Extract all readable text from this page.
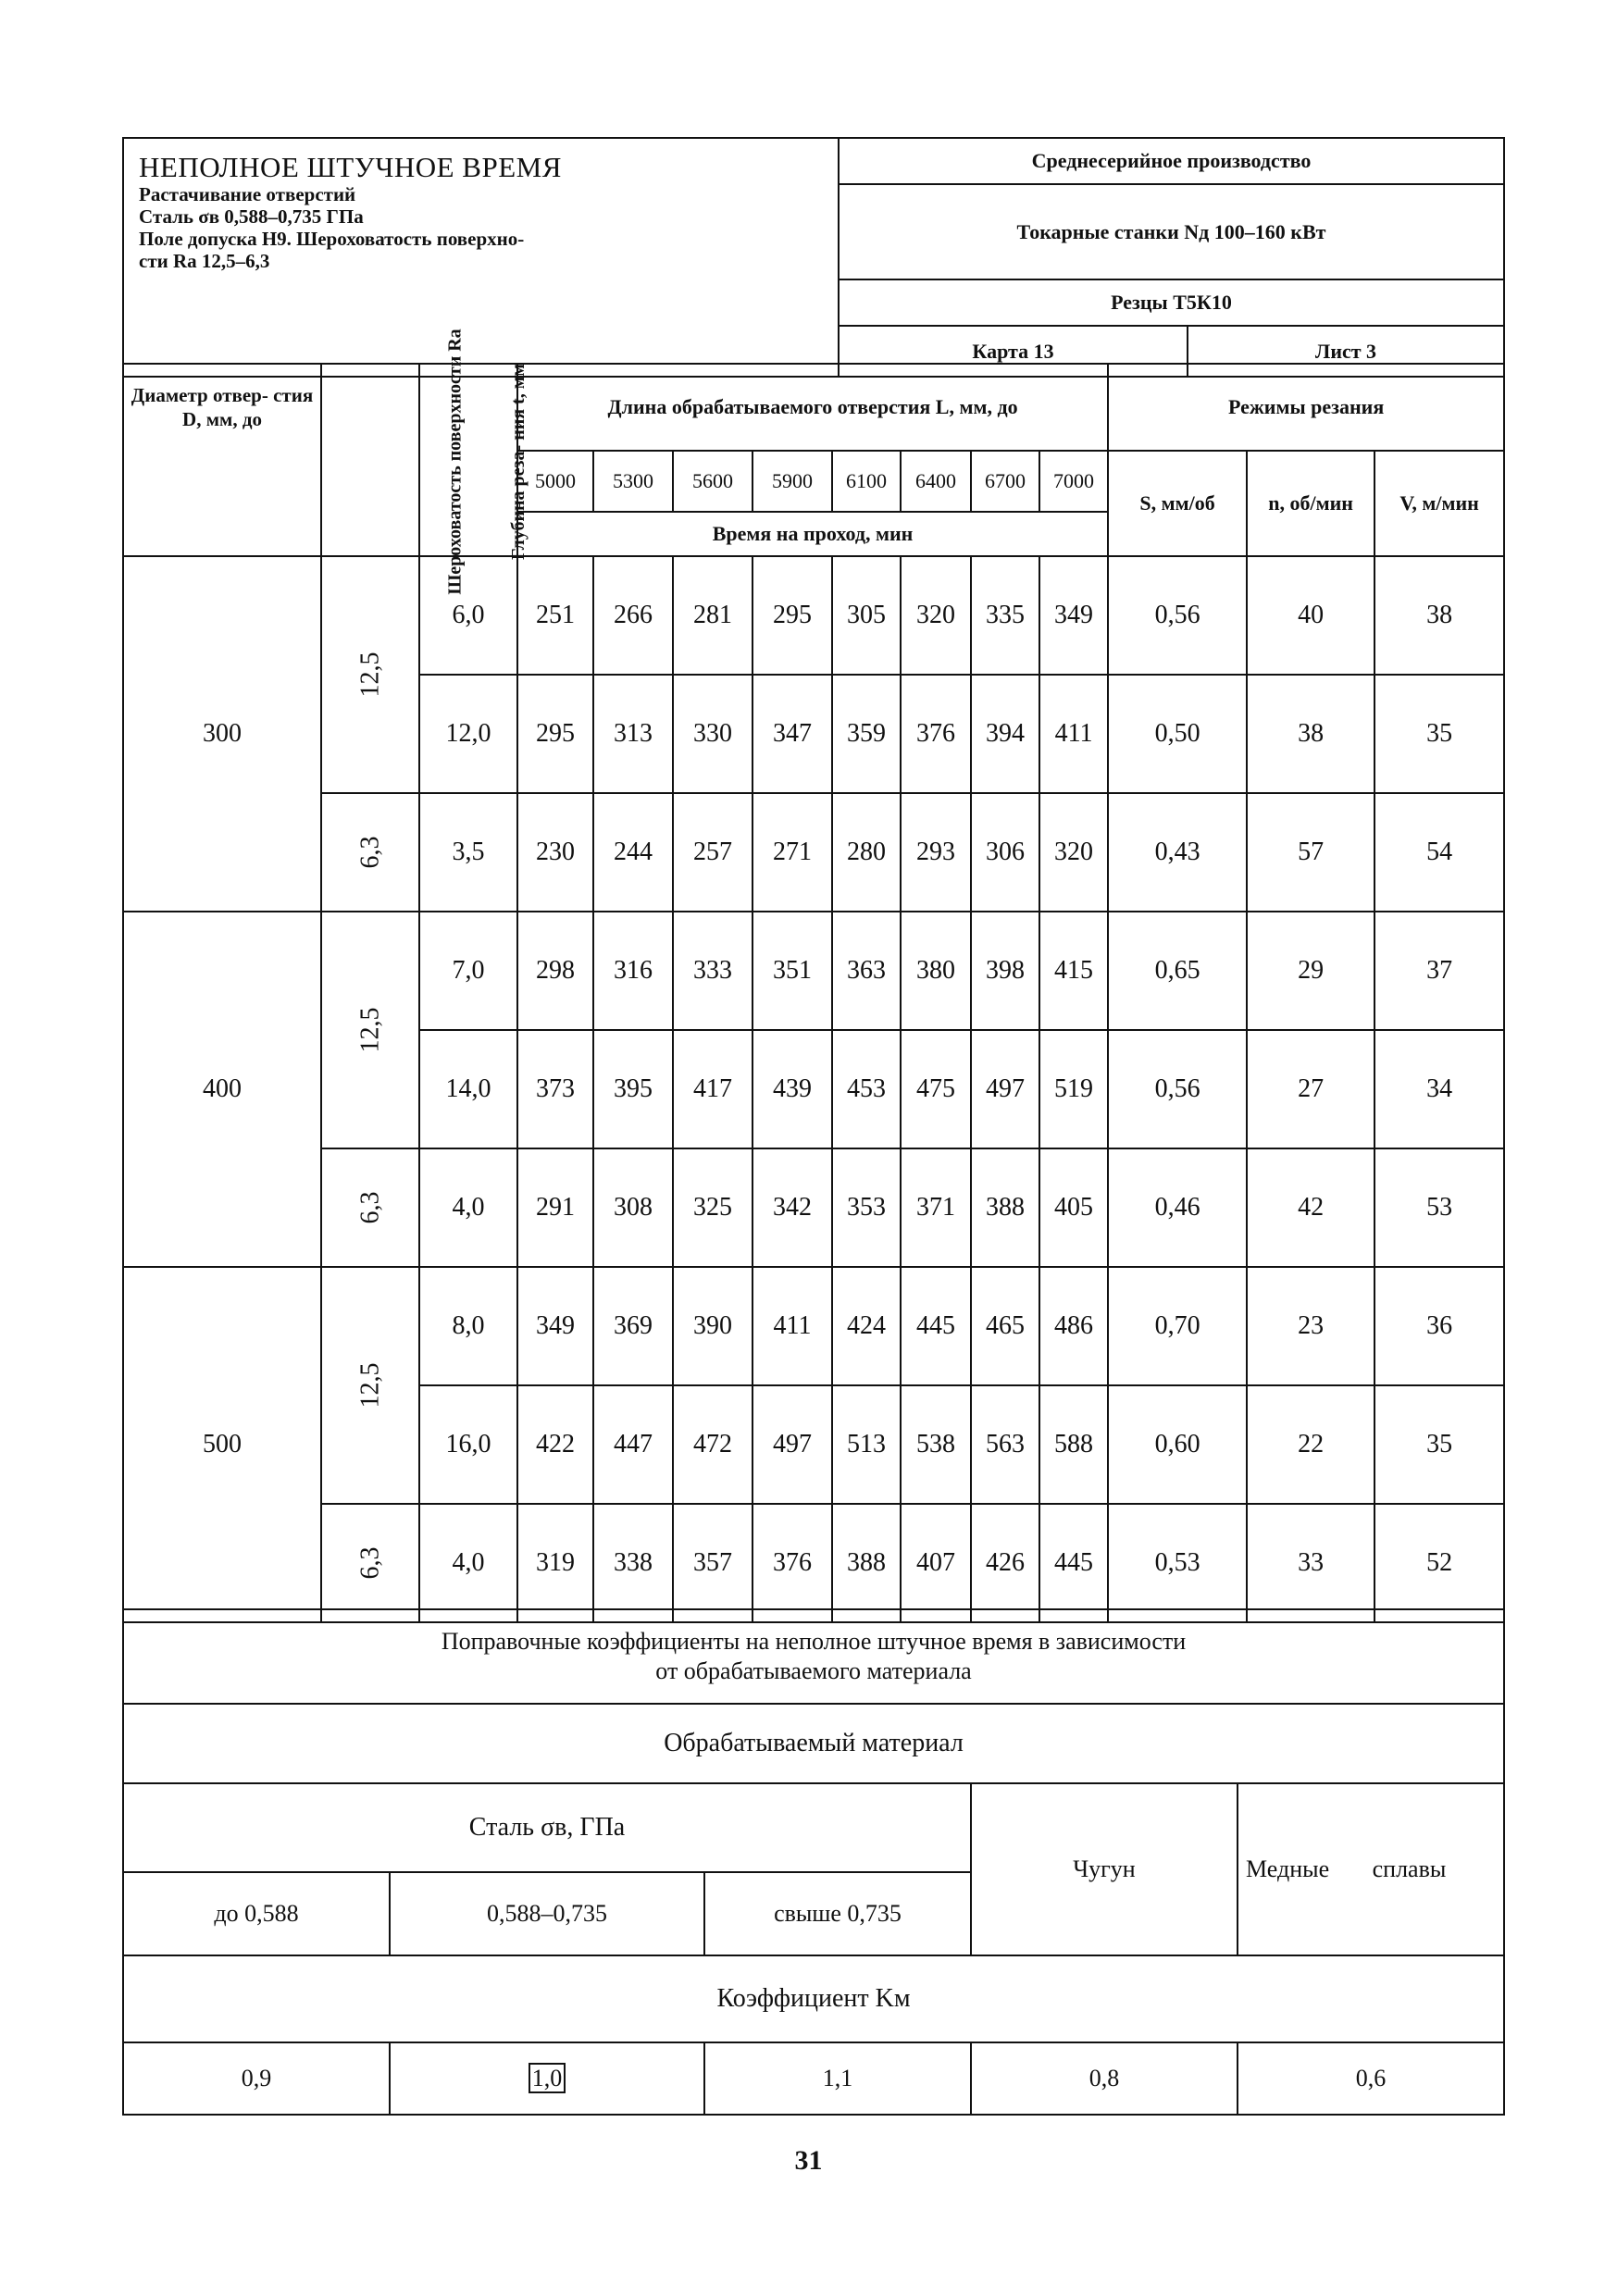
НЕПОЛНОЕ ШТУЧНОЕ ВРЕМЯ
Растачивание отверстий
Сталь σв 0,588–0,735 ГПа
Поле допуска Н9. Шероховатость поверхно-
сти Ra 12,5–6,3	Среднесерийное производство	
	Токарные станки Nд 100–160 кВт	
	Резцы Т5К10	
	Карта 13	Лист 3
Диаметр отвер- стия D, мм, до	Шероховатость поверхности Ra	Глубина реза- ния t, мм	Длина обрабатываемого отверстия L, мм, до								Режимы резания		
			5000	5300	5600	5900	6100	6400	6700	7000	S, мм/об	n, об/мин	V, м/мин
			Время на проход, мин										
300	12,5	6,0	251	266	281	295	305	320	335	349	0,56	40	38
		12,0	295	313	330	347	359	376	394	411	0,50	38	35
	6,3	3,5	230	244	257	271	280	293	306	320	0,43	57	54
400	12,5	7,0	298	316	333	351	363	380	398	415	0,65	29	37
		14,0	373	395	417	439	453	475	497	519	0,56	27	34
	6,3	4,0	291	308	325	342	353	371	388	405	0,46	42	53
500	12,5	8,0	349	369	390	411	424	445	465	486	0,70	23	36
		16,0	422	447	472	497	513	538	563	588	0,60	22	35
	6,3	4,0	319	338	357	376	388	407	426	445	0,53	33	52
Поправочные коэффициенты на неполное штучное время в зависимости
от обрабатываемого материала				

Обрабатываемый материал				
Сталь σв, ГПа			Чугун	Медные сплавы
до 0,588	0,588–0,735	свыше 0,735		
Коэффициент Kм				
0,9	1,0	1,1	0,8	0,6
31
